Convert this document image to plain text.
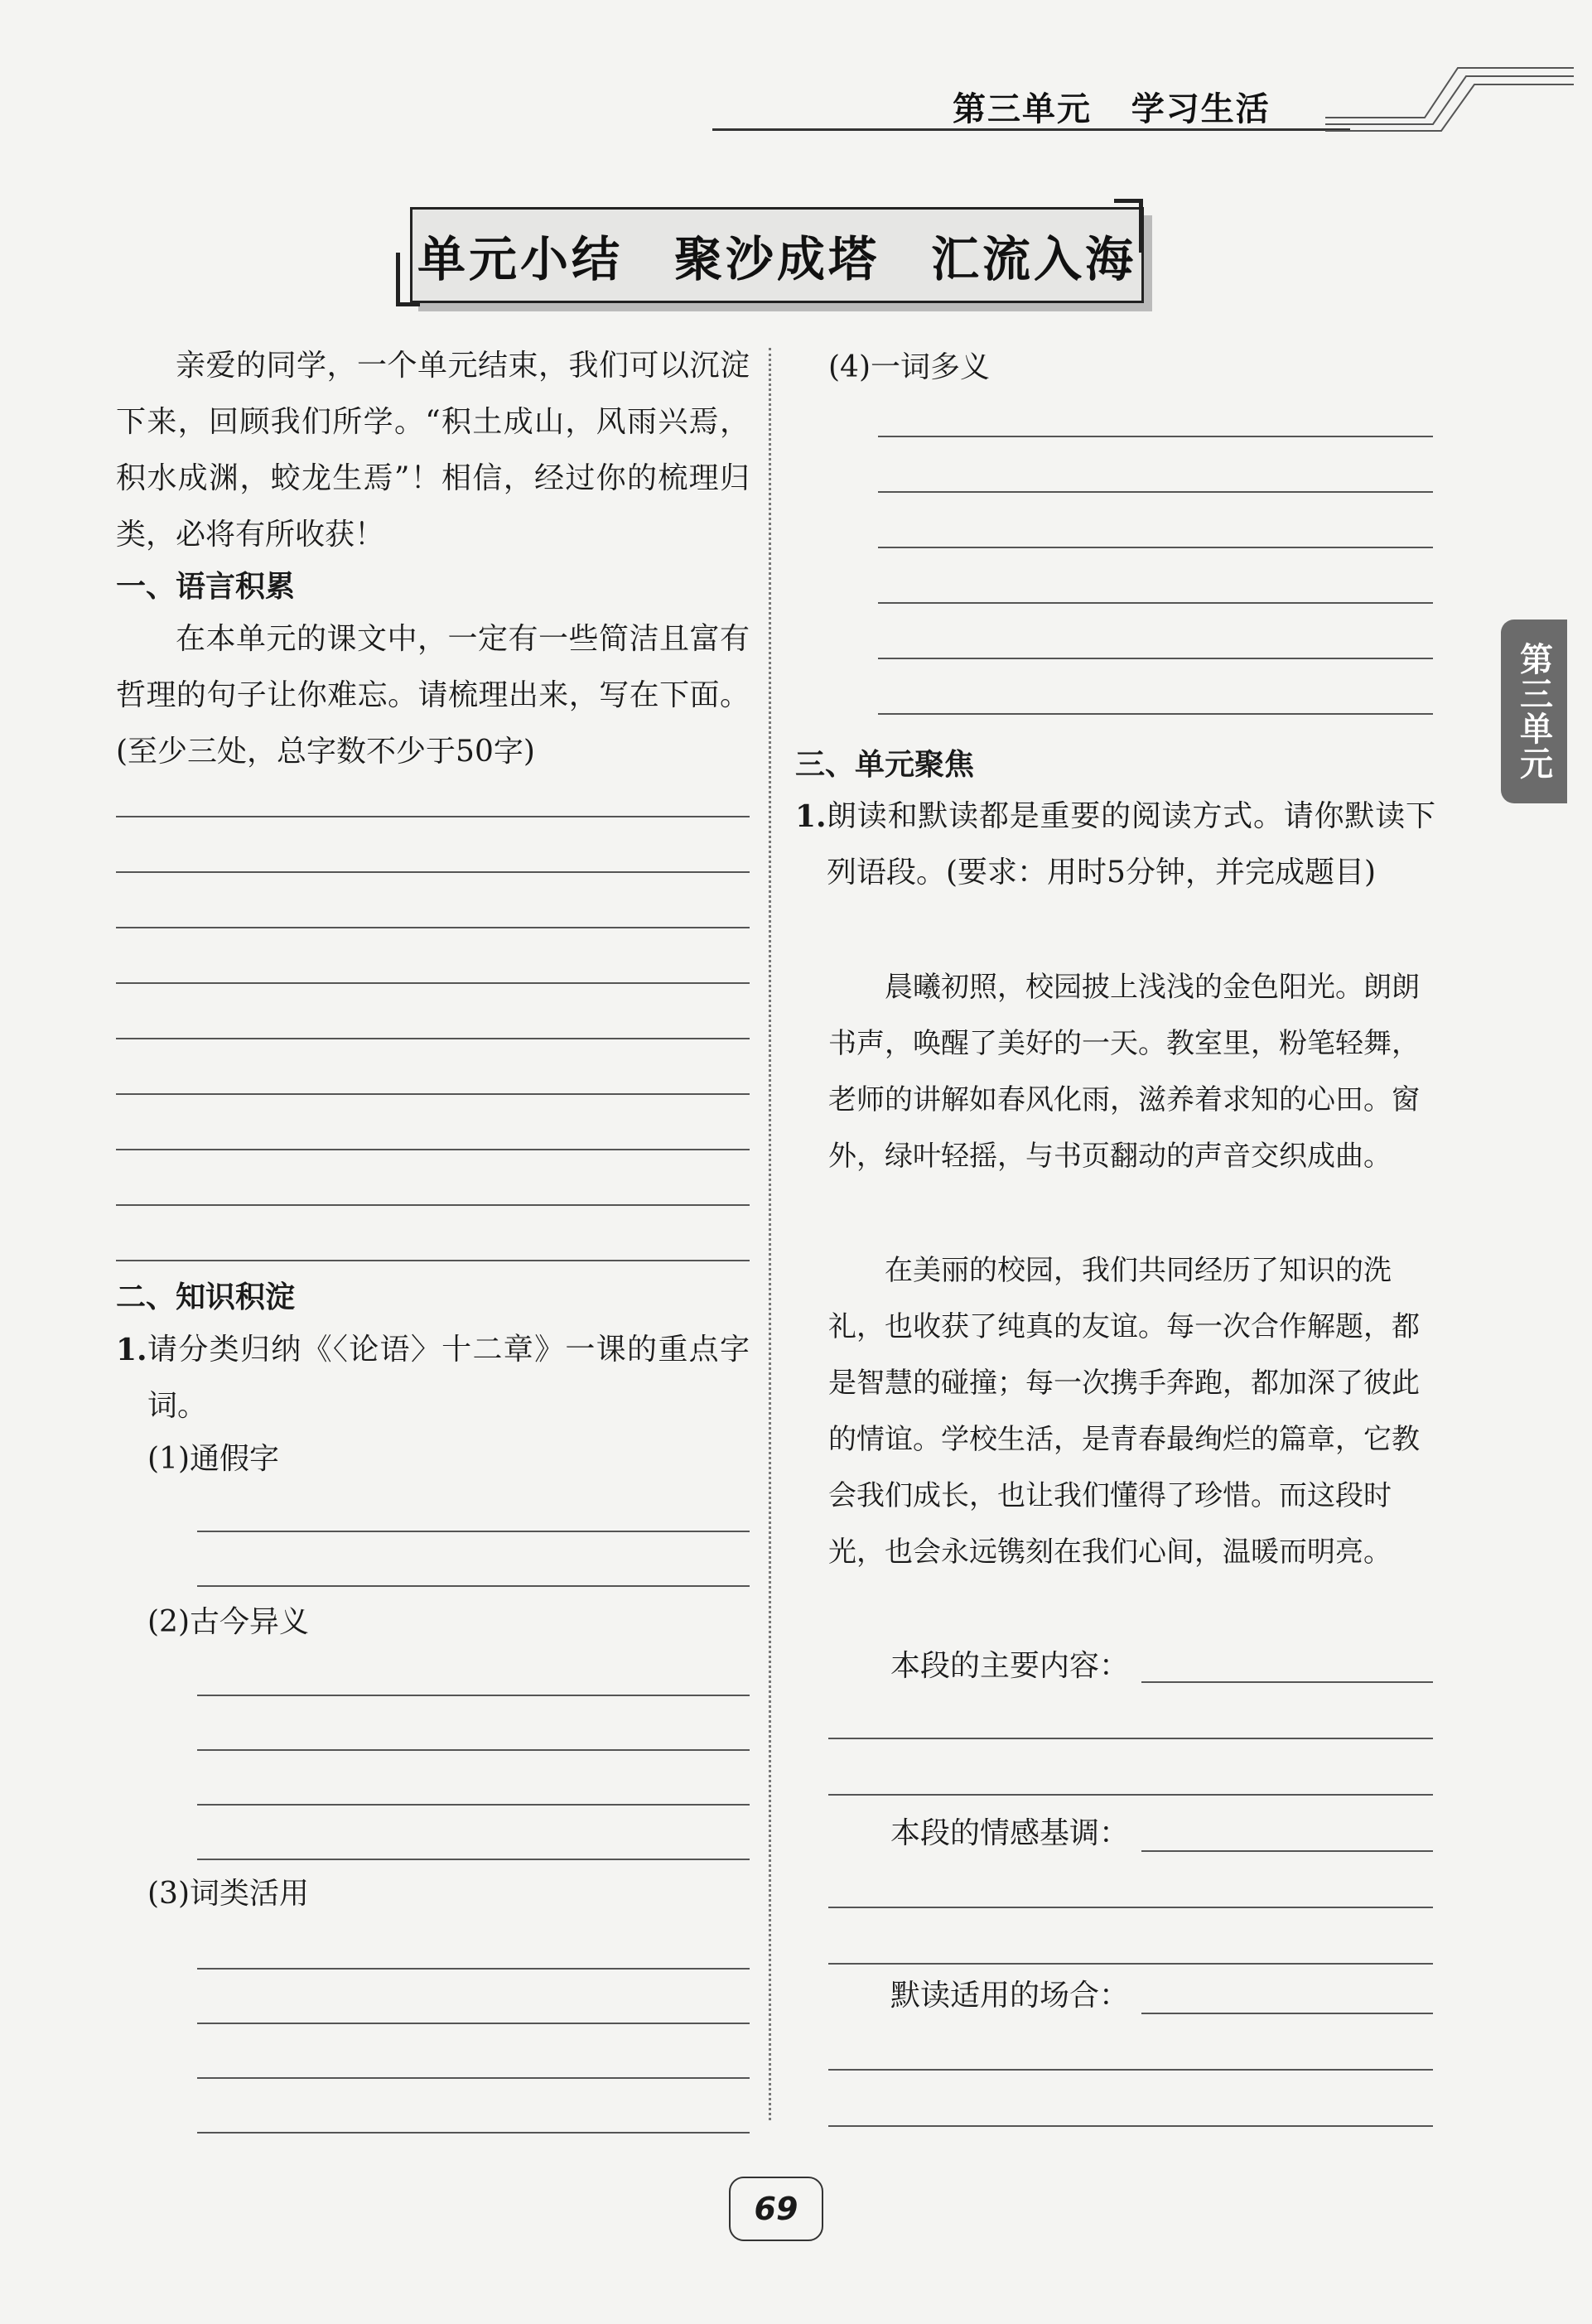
第三单元 学习生活
单元小结　聚沙成塔　汇流入海
亲爱的同学，一个单元结束，我们可以沉淀下来，回顾我们所学。“积土成山，风雨兴焉，积水成渊，蛟龙生焉”！相信，经过你的梳理归类，必将有所收获！
一、语言积累
在本单元的课文中，一定有一些简洁且富有哲理的句子让你难忘。请梳理出来，写在下面。(至少三处，总字数不少于50字)
二、知识积淀
1. 请分类归纳《〈论语〉十二章》一课的重点字词。
(1)通假字
(2)古今异义
(3)词类活用
(4)一词多义
三、单元聚焦
1. 朗读和默读都是重要的阅读方式。请你默读下列语段。(要求：用时5分钟，并完成题目)
晨曦初照，校园披上浅浅的金色阳光。朗朗书声，唤醒了美好的一天。教室里，粉笔轻舞，老师的讲解如春风化雨，滋养着求知的心田。窗外，绿叶轻摇，与书页翻动的声音交织成曲。
在美丽的校园，我们共同经历了知识的洗礼，也收获了纯真的友谊。每一次合作解题，都是智慧的碰撞；每一次携手奔跑，都加深了彼此的情谊。学校生活，是青春最绚烂的篇章，它教会我们成长，也让我们懂得了珍惜。而这段时光，也会永远镌刻在我们心间，温暖而明亮。
本段的主要内容：
本段的情感基调：
默读适用的场合：
第三单元
69
